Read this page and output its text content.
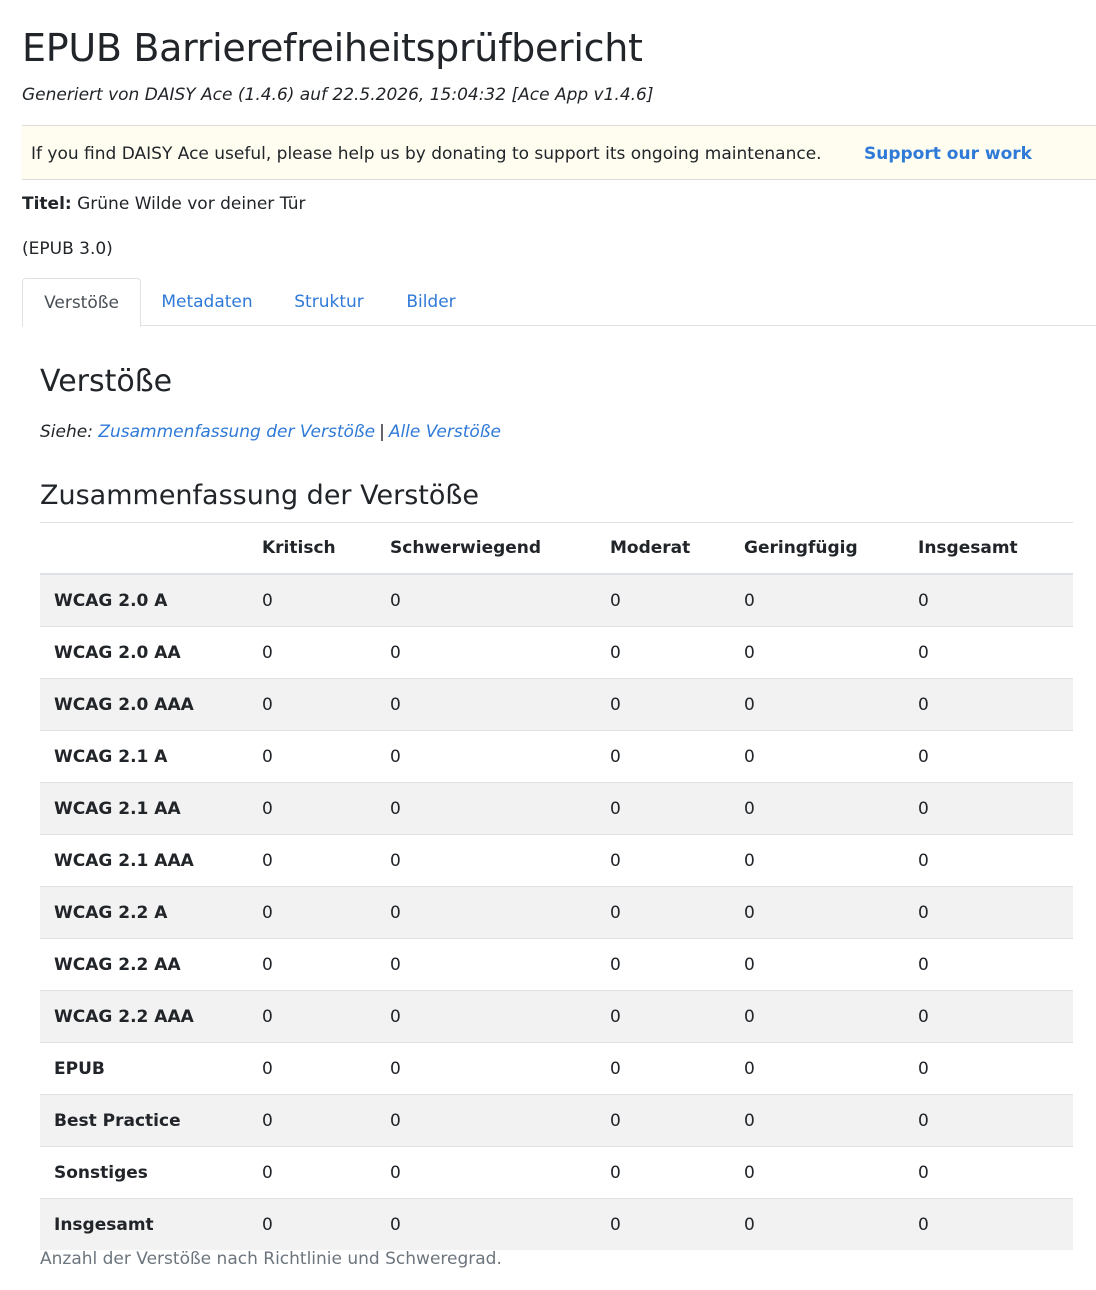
EPUB Barrierefreiheitsprüfbericht
Generiert von DAISY Ace (1.4.6) auf 22.5.2026, 15:04:32 [Ace App v1.4.6]
If you find DAISY Ace useful, please help us by donating to support its ongoing maintenance. Support our work
Titel: Grüne Wilde vor deiner Tür
(EPUB 3.0)
Verstöße	Metadaten	Struktur	Bilder
Verstöße
Siehe: Zusammenfassung der Verstöße | Alle Verstöße
Zusammenfassung der Verstöße
	Kritisch	Schwerwiegend	Moderat	Geringfügig	Insgesamt
WCAG 2.0 A	0	0	0	0	0
WCAG 2.0 AA	0	0	0	0	0
WCAG 2.0 AAA	0	0	0	0	0
WCAG 2.1 A	0	0	0	0	0
WCAG 2.1 AA	0	0	0	0	0
WCAG 2.1 AAA	0	0	0	0	0
WCAG 2.2 A	0	0	0	0	0
WCAG 2.2 AA	0	0	0	0	0
WCAG 2.2 AAA	0	0	0	0	0
EPUB	0	0	0	0	0
Best Practice	0	0	0	0	0
Sonstiges	0	0	0	0	0
Insgesamt	0	0	0	0	0
Anzahl der Verstöße nach Richtlinie und Schweregrad.
